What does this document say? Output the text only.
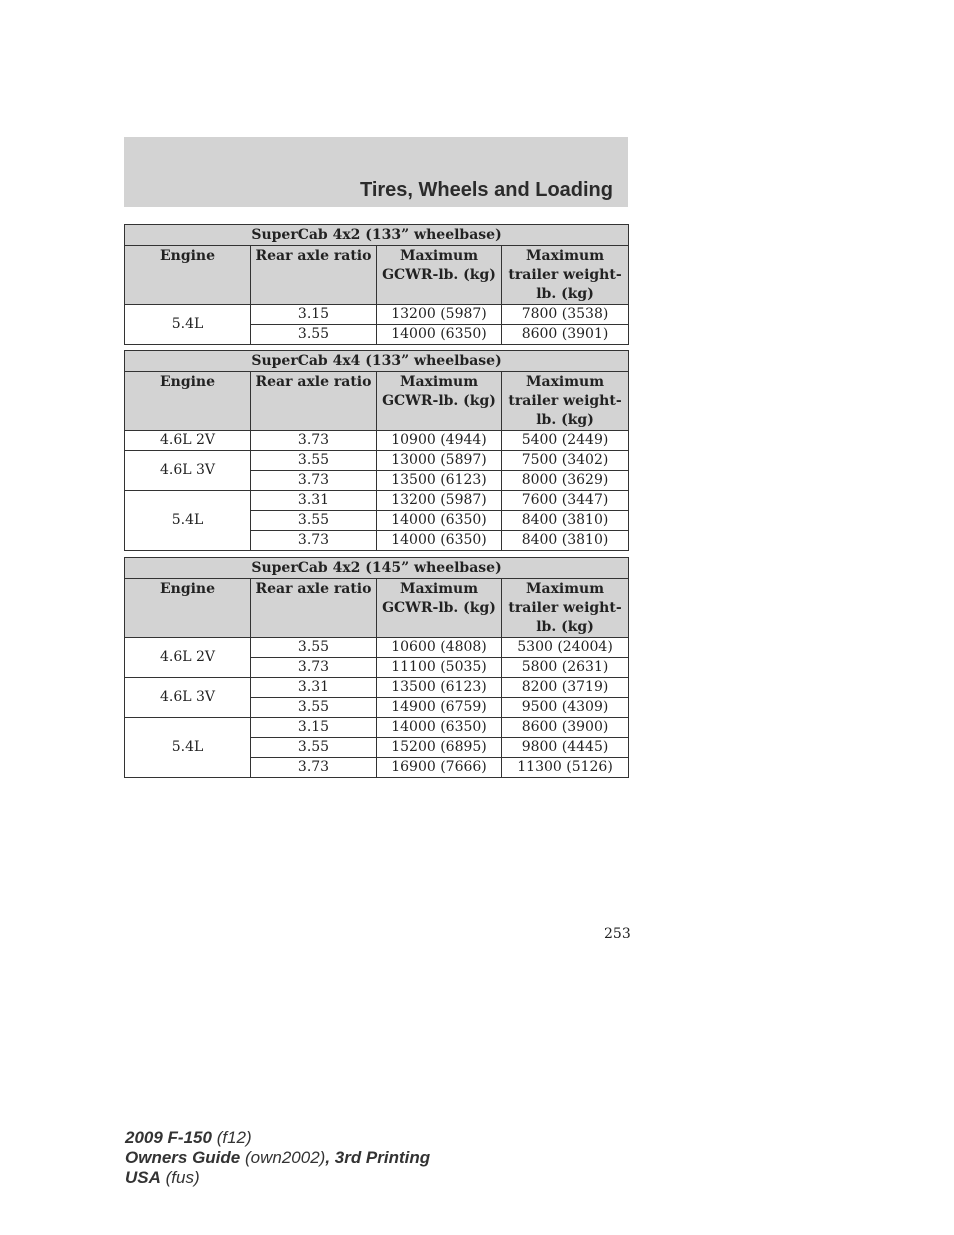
Tires, Wheels and Loading
SuperCab 4x2 (133” wheelbase)			
Engine	Rear axle ratio	Maximum GCWR-lb. (kg)	Maximum trailer weight-lb. (kg)
5.4L	3.15	13200 (5987)	7800 (3538)
	3.55	14000 (6350)	8600 (3901)
SuperCab 4x4 (133” wheelbase)			
Engine	Rear axle ratio	Maximum GCWR-lb. (kg)	Maximum trailer weight-lb. (kg)
4.6L 2V	3.73	10900 (4944)	5400 (2449)
4.6L 3V	3.55	13000 (5897)	7500 (3402)
	3.73	13500 (6123)	8000 (3629)
5.4L	3.31	13200 (5987)	7600 (3447)
	3.55	14000 (6350)	8400 (3810)
	3.73	14000 (6350)	8400 (3810)
SuperCab 4x2 (145” wheelbase)			
Engine	Rear axle ratio	Maximum GCWR-lb. (kg)	Maximum trailer weight-lb. (kg)
4.6L 2V	3.55	10600 (4808)	5300 (24004)
	3.73	11100 (5035)	5800 (2631)
4.6L 3V	3.31	13500 (6123)	8200 (3719)
	3.55	14900 (6759)	9500 (4309)
5.4L	3.15	14000 (6350)	8600 (3900)
	3.55	15200 (6895)	9800 (4445)
	3.73	16900 (7666)	11300 (5126)
253
2009 F-150 (f12)
Owners Guide (own2002), 3rd Printing
USA (fus)
